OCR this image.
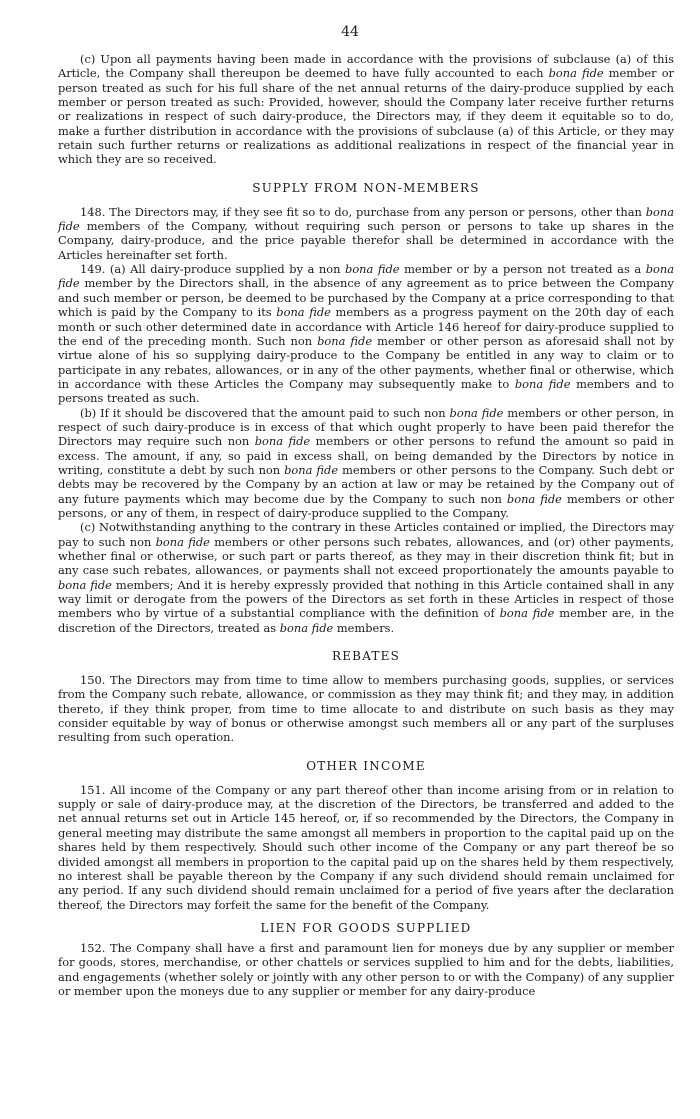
44

(c) Upon all payments having been made in accordance with the provisions of subclause (a) of this Article, the Company shall thereupon be deemed to have fully accounted to each bona fide member or person treated as such for his full share of the net annual returns of the dairy-produce supplied by each member or person treated as such: Provided, however, should the Company later receive further returns or realizations in respect of such dairy-produce, the Directors may, if they deem it equitable so to do, make a further distribution in accordance with the provisions of subclause (a) of this Article, or they may retain such further returns or realizations as additional realizations in respect of the financial year in which they are so received.

SUPPLY FROM NON-MEMBERS

148. The Directors may, if they see fit so to do, purchase from any person or persons, other than bona fide members of the Company, without requiring such person or persons to take up shares in the Company, dairy-produce, and the price payable therefor shall be determined in accordance with the Articles hereinafter set forth.

149. (a) All dairy-produce supplied by a non bona fide member or by a person not treated as a bona fide member by the Directors shall, in the absence of any agreement as to price between the Company and such member or person, be deemed to be purchased by the Company at a price corresponding to that which is paid by the Company to its bona fide members as a progress payment on the 20th day of each month or such other determined date in accordance with Article 146 hereof for dairy-produce supplied to the end of the preceding month. Such non bona fide member or other person as aforesaid shall not by virtue alone of his so supplying dairy-produce to the Company be entitled in any way to claim or to participate in any rebates, allowances, or in any of the other payments, whether final or otherwise, which in accordance with these Articles the Company may subsequently make to bona fide members and to persons treated as such.

(b) If it should be discovered that the amount paid to such non bona fide members or other person, in respect of such dairy-produce is in excess of that which ought properly to have been paid therefor the Directors may require such non bona fide members or other persons to refund the amount so paid in excess. The amount, if any, so paid in excess shall, on being demanded by the Directors by notice in writing, constitute a debt by such non bona fide members or other persons to the Company. Such debt or debts may be recovered by the Company by an action at law or may be retained by the Company out of any future payments which may become due by the Company to such non bona fide members or other persons, or any of them, in respect of dairy-produce supplied to the Company.

(c) Notwithstanding anything to the contrary in these Articles contained or implied, the Directors may pay to such non bona fide members or other persons such rebates, allowances, and (or) other payments, whether final or otherwise, or such part or parts thereof, as they may in their discretion think fit; but in any case such rebates, allowances, or payments shall not exceed proportionately the amounts payable to bona fide members; And it is hereby expressly provided that nothing in this Article contained shall in any way limit or derogate from the powers of the Directors as set forth in these Articles in respect of those members who by virtue of a substantial compliance with the definition of bona fide member are, in the discretion of the Directors, treated as bona fide members.

REBATES

150. The Directors may from time to time allow to members purchasing goods, supplies, or services from the Company such rebate, allowance, or commission as they may think fit; and they may, in addition thereto, if they think proper, from time to time allocate to and distribute on such basis as they may consider equitable by way of bonus or otherwise amongst such members all or any part of the surpluses resulting from such operation.

OTHER INCOME

151. All income of the Company or any part thereof other than income arising from or in relation to supply or sale of dairy-produce may, at the discretion of the Directors, be transferred and added to the net annual returns set out in Article 145 hereof, or, if so recommended by the Directors, the Company in general meeting may distribute the same amongst all members in proportion to the capital paid up on the shares held by them respectively. Should such other income of the Company or any part thereof be so divided amongst all members in proportion to the capital paid up on the shares held by them respectively, no interest shall be payable thereon by the Company if any such dividend should remain unclaimed for any period. If any such dividend should remain unclaimed for a period of five years after the declaration thereof, the Directors may forfeit the same for the benefit of the Company.

LIEN FOR GOODS SUPPLIED

152. The Company shall have a first and paramount lien for moneys due by any supplier or member for goods, stores, merchandise, or other chattels or services supplied to him and for the debts, liabilities, and engagements (whether solely or jointly with any other person to or with the Company) of any supplier or member upon the moneys due to any supplier or member for any dairy-produce
